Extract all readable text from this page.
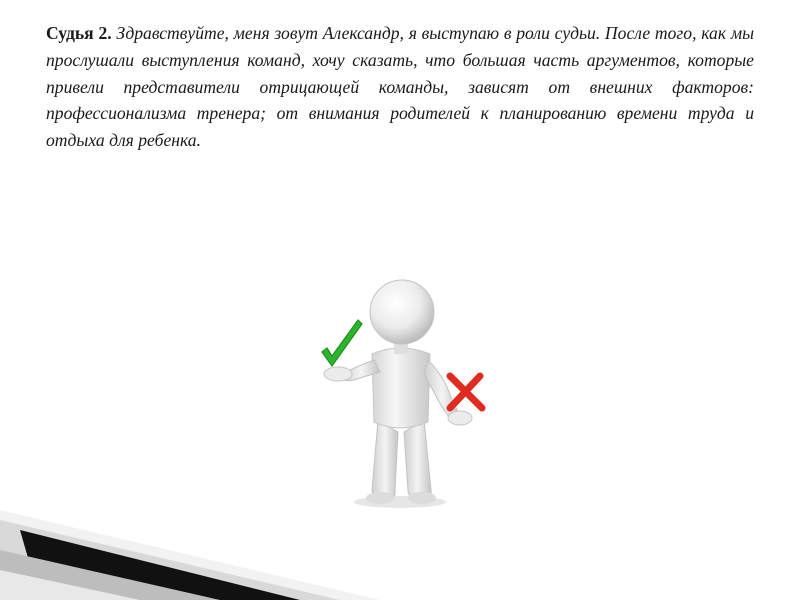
Судья 2. Здравствуйте, меня зовут Александр, я выступаю в роли судьи. После того, как мы прослушали выступления команд, хочу сказать, что большая часть аргументов, которые привели представители отрицающей команды, зависят от внешних факторов: профессионализма тренера; от внимания родителей к планированию времени труда и отдыха для ребенка.
